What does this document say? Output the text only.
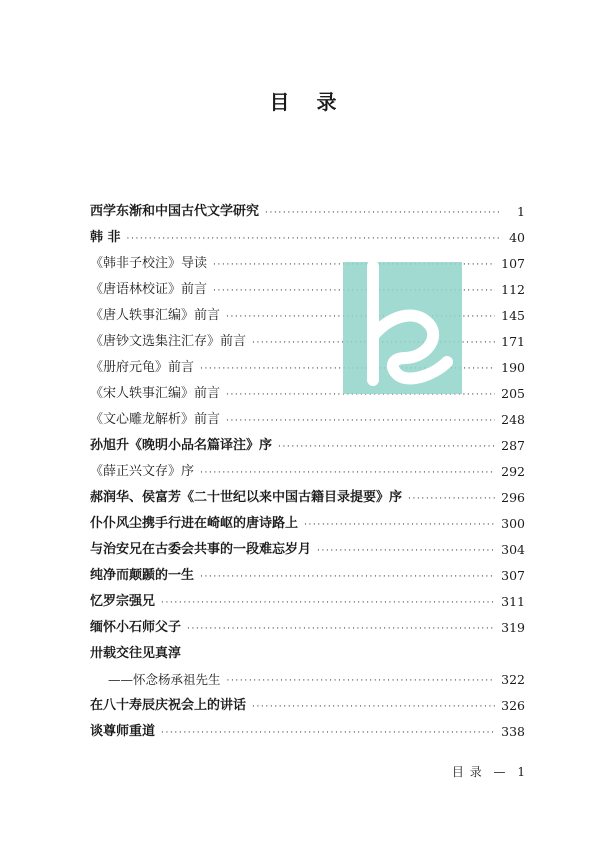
目 录
西学东渐和中国古代文学研究 ·····	1
韩 非 ·····	40
《韩非子校注》导读 ·····	107
《唐语林校证》前言 ·····	112
《唐人轶事汇编》前言 ·····	145
《唐钞文选集注汇存》前言 ·····	171
《册府元龟》前言 ·····	190
《宋人轶事汇编》前言 ·····	205
《文心雕龙解析》前言 ·····	248
孙旭升《晚明小品名篇译注》序 ·····	287
《薛正兴文存》序 ·····	292
郝润华、侯富芳《二十世纪以来中国古籍目录提要》序 ·····	296
仆仆风尘携手行进在崎岖的唐诗路上 ·····	300
与治安兄在古委会共事的一段难忘岁月 ·····	304
纯净而颠踬的一生 ·····	307
忆罗宗强兄 ·····	311
缅怀小石师父子 ·····	319
卅载交往见真淳
——怀念杨承祖先生 ·····	322
在八十寿辰庆祝会上的讲话 ·····	326
谈尊师重道 ·····	338
目 录 — 1
